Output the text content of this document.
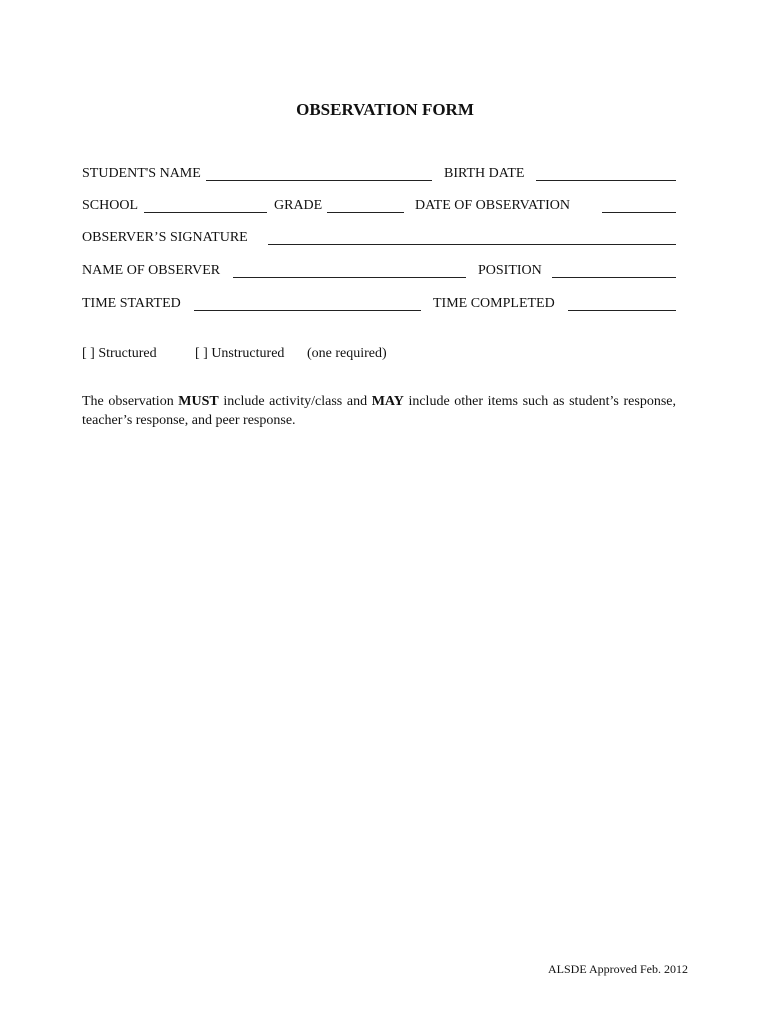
OBSERVATION FORM
STUDENT'S NAME	BIRTH DATE
SCHOOL	GRADE	DATE OF OBSERVATION
OBSERVER’S SIGNATURE
NAME OF OBSERVER	POSITION
TIME STARTED	TIME COMPLETED
[ ] Structured	[ ] Unstructured (one required)
The observation MUST include activity/class and MAY include other items such as student’s response, teacher’s response, and peer response.
ALSDE Approved Feb. 2012
